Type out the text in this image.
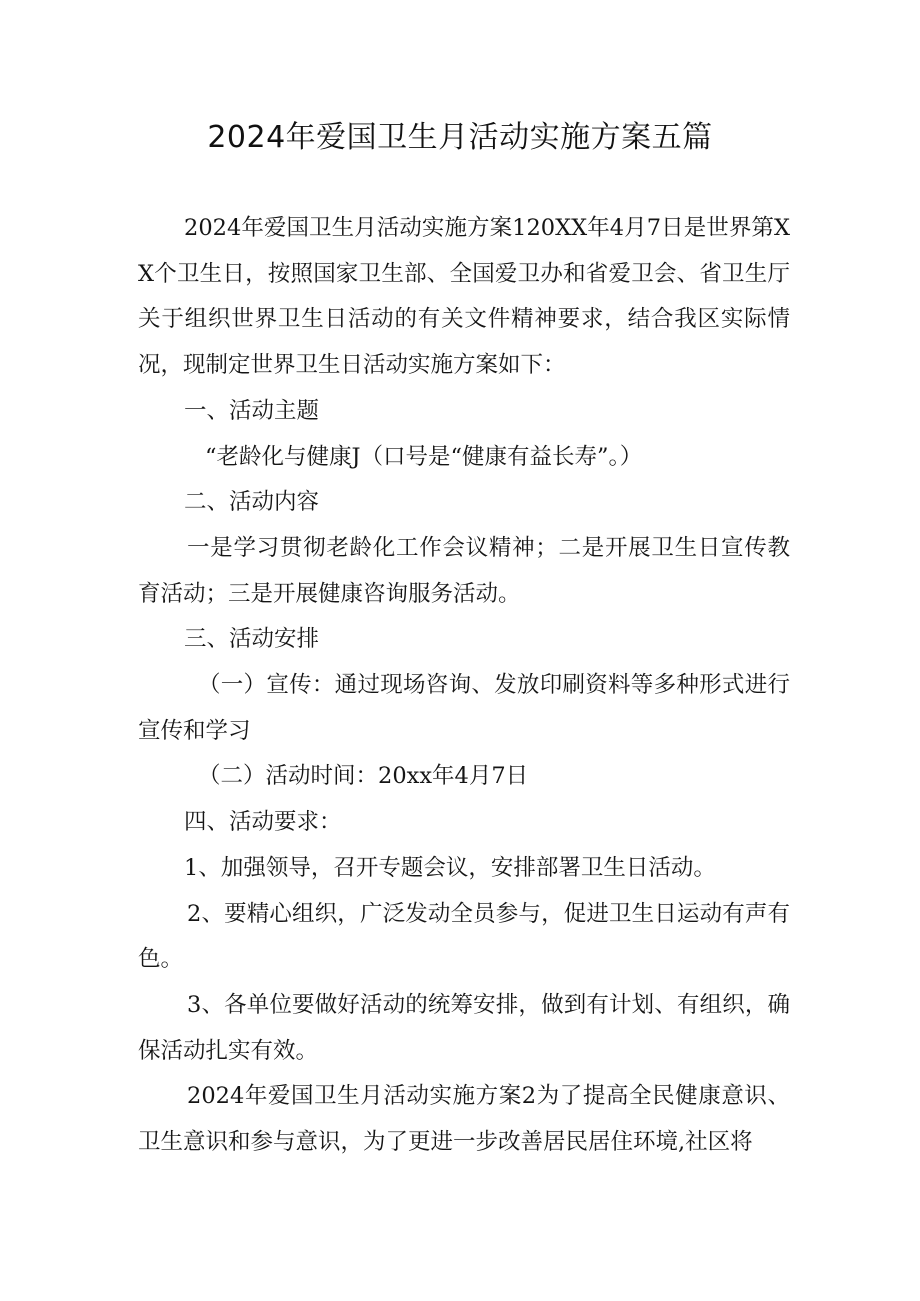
2024年爱国卫生月活动实施方案五篇

2024年爱国卫生月活动实施方案120XX年4月7日是世界第XX个卫生日，按照国家卫生部、全国爱卫办和省爱卫会、省卫生厅关于组织世界卫生日活动的有关文件精神要求，结合我区实际情况，现制定世界卫生日活动实施方案如下：

一、活动主题

“老龄化与健康J（口号是“健康有益长寿”。）

二、活动内容

一是学习贯彻老龄化工作会议精神；二是开展卫生日宣传教育活动；三是开展健康咨询服务活动。

三、活动安排

（一）宣传：通过现场咨询、发放印刷资料等多种形式进行宣传和学习

（二）活动时间：20xx年4月7日

四、活动要求：

1、加强领导，召开专题会议，安排部署卫生日活动。

2、要精心组织，广泛发动全员参与，促进卫生日运动有声有色。

3、各单位要做好活动的统筹安排，做到有计划、有组织，确保活动扎实有效。

2024年爱国卫生月活动实施方案2为了提高全民健康意识、卫生意识和参与意识，为了更进一步改善居民居住环境,社区将
